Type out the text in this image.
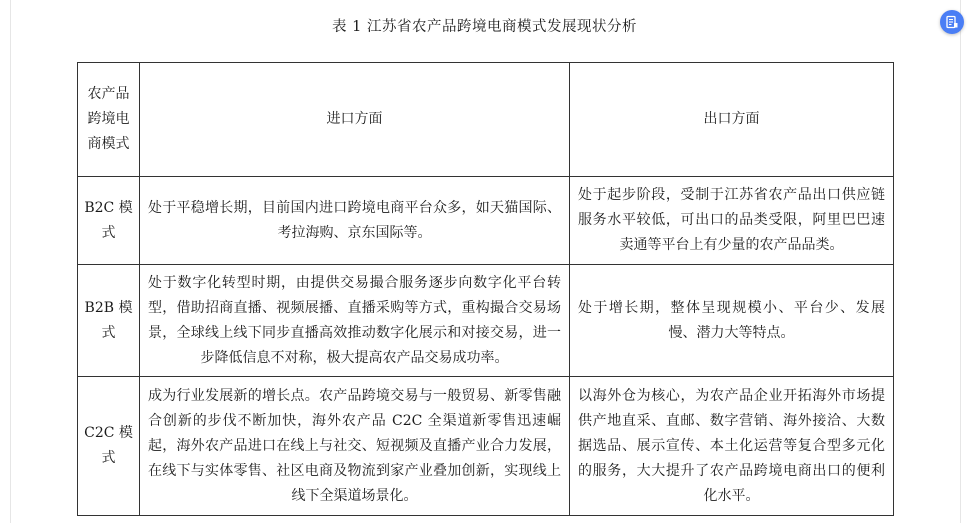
表 1 江苏省农产品跨境电商模式发展现状分析
农产品跨境电商模式	进口方面	出口方面
B2C 模式	处于平稳增长期，目前国内进口跨境电商平台众多，如天猫国际、考拉海购、京东国际等。	处于起步阶段，受制于江苏省农产品出口供应链服务水平较低，可出口的品类受限，阿里巴巴速卖通等平台上有少量的农产品品类。
B2B 模式	处于数字化转型时期，由提供交易撮合服务逐步向数字化平台转型，借助招商直播、视频展播、直播采购等方式，重构撮合交易场景，全球线上线下同步直播高效推动数字化展示和对接交易，进一步降低信息不对称，极大提高农产品交易成功率。	处于增长期，整体呈现规模小、平台少、发展慢、潜力大等特点。
C2C 模式	成为行业发展新的增长点。农产品跨境交易与一般贸易、新零售融合创新的步伐不断加快，海外农产品 C2C 全渠道新零售迅速崛起，海外农产品进口在线上与社交、短视频及直播产业合力发展，在线下与实体零售、社区电商及物流到家产业叠加创新，实现线上线下全渠道场景化。	以海外仓为核心，为农产品企业开拓海外市场提供产地直采、直邮、数字营销、海外接洽、大数据选品、展示宣传、本土化运营等复合型多元化的服务，大大提升了农产品跨境电商出口的便利化水平。
